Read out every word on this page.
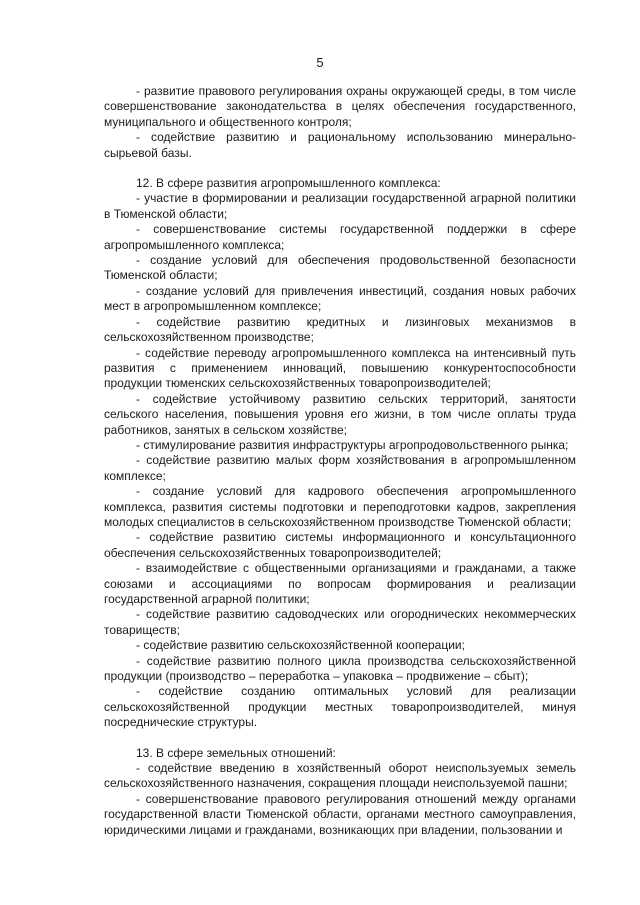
5

- развитие правового регулирования охраны окружающей среды, в том числе совершенствование законодательства в целях обеспечения государственного, муниципального и общественного контроля;

- содействие развитию и рациональному использованию минерально-сырьевой базы.

12. В сфере развития агропромышленного комплекса:

- участие в формировании и реализации государственной аграрной политики в Тюменской области;

- совершенствование системы государственной поддержки в сфере агропромышленного комплекса;

- создание условий для обеспечения продовольственной безопасности Тюменской области;

- создание условий для привлечения инвестиций, создания новых рабочих мест в агропромышленном комплексе;

- содействие развитию кредитных и лизинговых механизмов в сельскохозяйственном производстве;

- содействие переводу агропромышленного комплекса на интенсивный путь развития с применением инноваций, повышению конкурентоспособности продукции тюменских сельскохозяйственных товаропроизводителей;

- содействие устойчивому развитию сельских территорий, занятости сельского населения, повышения уровня его жизни, в том числе оплаты труда работников, занятых в сельском хозяйстве;

- стимулирование развития инфраструктуры агропродовольственного рынка;

- содействие развитию малых форм хозяйствования в агропромышленном комплексе;

- создание условий для кадрового обеспечения агропромышленного комплекса, развития системы подготовки и переподготовки кадров, закрепления молодых специалистов в сельскохозяйственном производстве Тюменской области;

- содействие развитию системы информационного и консультационного обеспечения сельскохозяйственных товаропроизводителей;

- взаимодействие с общественными организациями и гражданами, а также союзами и ассоциациями по вопросам формирования и реализации государственной аграрной политики;

- содействие развитию садоводческих или огороднических некоммерческих товариществ;

- содействие развитию сельскохозяйственной кооперации;

- содействие развитию полного цикла производства сельскохозяйственной продукции (производство – переработка – упаковка – продвижение – сбыт);

- содействие созданию оптимальных условий для реализации сельскохозяйственной продукции местных товаропроизводителей, минуя посреднические структуры.

13. В сфере земельных отношений:

- содействие введению в хозяйственный оборот неиспользуемых земель сельскохозяйственного назначения, сокращения площади неиспользуемой пашни;

- совершенствование правового регулирования отношений между органами государственной власти Тюменской области, органами местного самоуправления, юридическими лицами и гражданами, возникающих при владении, пользовании и
